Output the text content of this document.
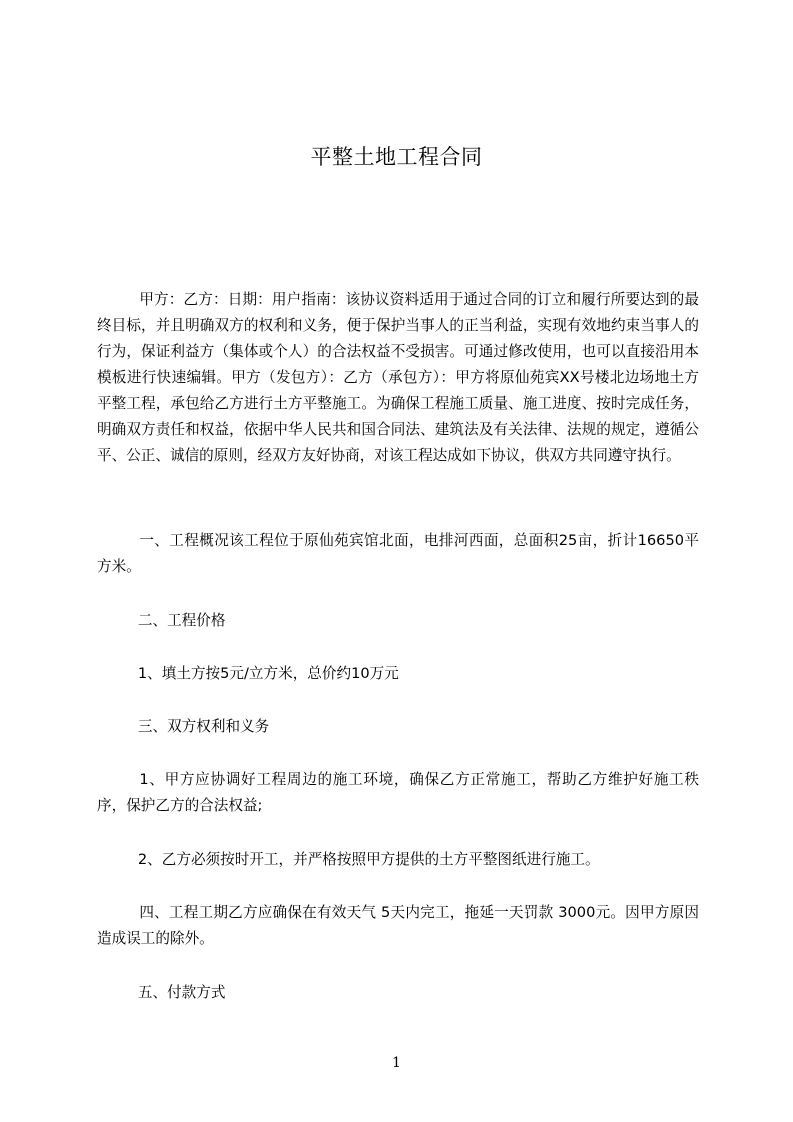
平整土地工程合同

甲方：乙方：日期：用户指南：该协议资料适用于通过合同的订立和履行所要达到的最终目标，并且明确双方的权利和义务，便于保护当事人的正当利益，实现有效地约束当事人的行为，保证利益方（集体或个人）的合法权益不受损害。可通过修改使用，也可以直接沿用本模板进行快速编辑。甲方（发包方）：乙方（承包方）：甲方将原仙苑宾XX号楼北边场地土方平整工程，承包给乙方进行土方平整施工。为确保工程施工质量、施工进度、按时完成任务，明确双方责任和权益，依据中华人民共和国合同法、建筑法及有关法律、法规的规定，遵循公平、公正、诚信的原则，经双方友好协商，对该工程达成如下协议，供双方共同遵守执行。

一、工程概况该工程位于原仙苑宾馆北面，电排河西面，总面积25亩，折计16650平方米。

二、工程价格

1、填土方按5元/立方米，总价约10万元

三、双方权利和义务

1、甲方应协调好工程周边的施工环境，确保乙方正常施工，帮助乙方维护好施工秩序，保护乙方的合法权益;

2、乙方必须按时开工，并严格按照甲方提供的土方平整图纸进行施工。

四、工程工期乙方应确保在有效天气 5天内完工，拖延一天罚款 3000元。因甲方原因造成误工的除外。

五、付款方式

1
